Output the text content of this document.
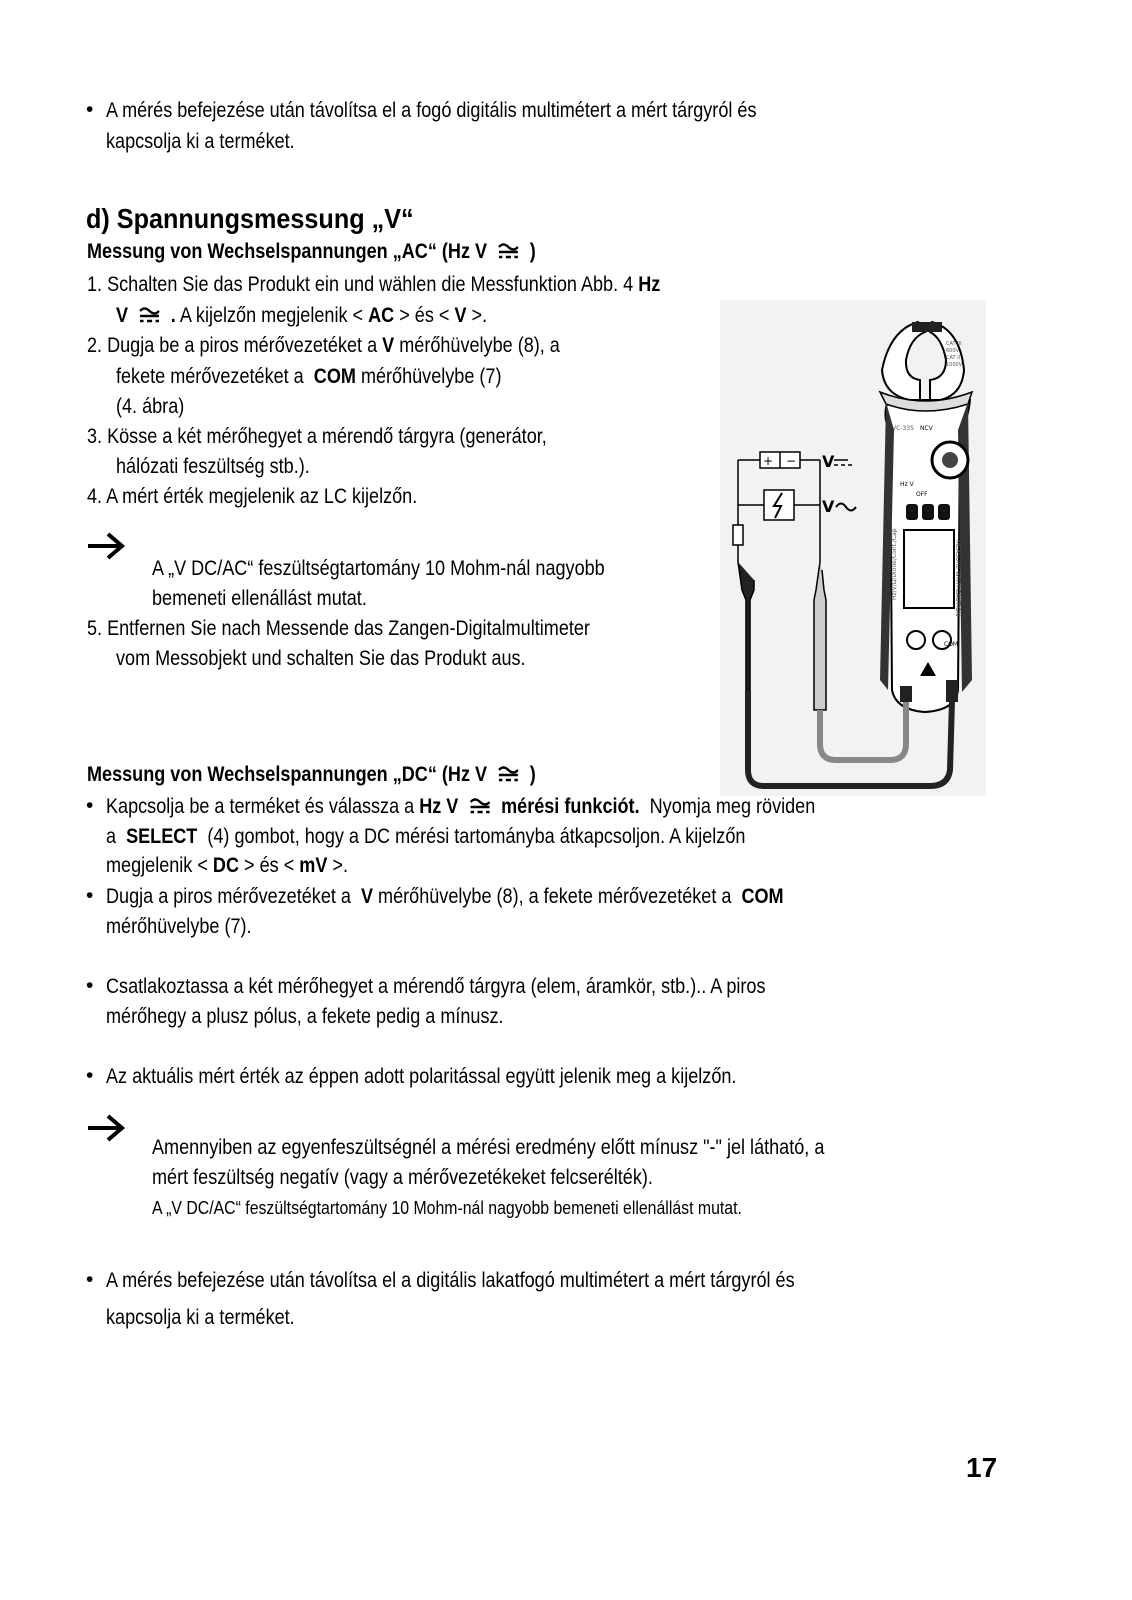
• A mérés befejezése után távolítsa el a fogó digitális multimétert a mért tárgyról és
kapcsolja ki a terméket.
d) Spannungsmessung „V“
Messung von Wechselspannungen „AC“ (Hz V )
1. Schalten Sie das Produkt ein und wählen die Messfunktion Abb. 4 Hz
V . A kijelzőn megjelenik < AC > és < V >.
2. Dugja be a piros mérővezetéket a V mérőhüvelybe (8), a
fekete mérővezetéket a COM mérőhüvelybe (7)
(4. ábra)
3. Kösse a két mérőhegyet a mérendő tárgyra (generátor,
hálózati feszültség stb.).
4. A mért érték megjelenik az LC kijelzőn.
A „V DC/AC“ feszültségtartomány 10 Mohm-nál nagyobb
bemeneti ellenállást mutat.
5. Entfernen Sie nach Messende das Zangen-Digitalmultimeter
vom Messobjekt und schalten Sie das Produkt aus.
VC-335 NCV
OFF
Hz V
COM
CAT III
600V
CAT II
1000V
Hz/V/Ω/Diode/Cont./Cap	MEASURE WITH CAUTION
+ − V
V
Messung von Wechselspannungen „DC“ (Hz V )
• Kapcsolja be a terméket és válassza a Hz V mérési funkciót. Nyomja meg röviden
a SELECT (4) gombot, hogy a DC mérési tartományba átkapcsoljon. A kijelzőn
megjelenik < DC > és < mV >.
• Dugja a piros mérővezetéket a V mérőhüvelybe (8), a fekete mérővezetéket a COM
mérőhüvelybe (7).
• Csatlakoztassa a két mérőhegyet a mérendő tárgyra (elem, áramkör, stb.).. A piros
mérőhegy a plusz pólus, a fekete pedig a mínusz.
• Az aktuális mért érték az éppen adott polaritással együtt jelenik meg a kijelzőn.
Amennyiben az egyenfeszültségnél a mérési eredmény előtt mínusz "-" jel látható, a
mért feszültség negatív (vagy a mérővezetékeket felcserélték).
A „V DC/AC“ feszültségtartomány 10 Mohm-nál nagyobb bemeneti ellenállást mutat.
• A mérés befejezése után távolítsa el a digitális lakatfogó multimétert a mért tárgyról és
kapcsolja ki a terméket.
17
